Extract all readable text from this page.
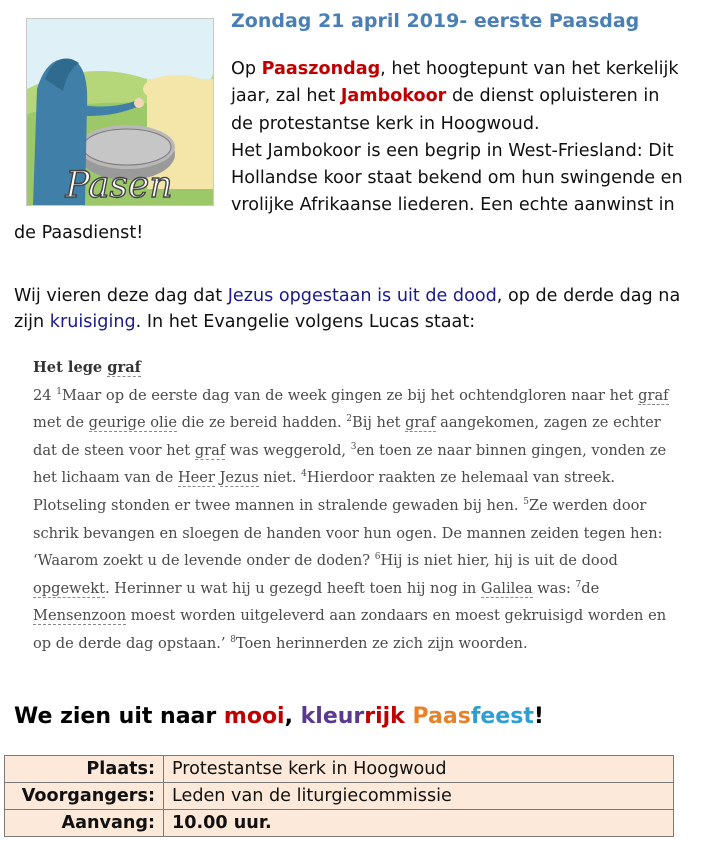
Pasen
Zondag 21 april 2019- eerste Paasdag
Op Paaszondag, het hoogtepunt van het kerkelijk jaar, zal het Jambokoor de dienst opluisteren in de protestantse kerk in Hoogwoud.
Het Jambokoor is een begrip in West-Friesland: Dit Hollandse koor staat bekend om hun swingende en vrolijke Afrikaanse liederen. Een echte aanwinst in de Paasdienst!
Wij vieren deze dag dat Jezus opgestaan is uit de dood, op de derde dag na zijn kruisiging. In het Evangelie volgens Lucas staat:
Het lege graf
24 $^1$Maar op de eerste dag van de week gingen ze bij het ochtendgloren naar het graf met de geurige olie die ze bereid hadden. $^2$Bij het graf aangekomen, zagen ze echter dat de steen voor het graf was weggerold, $^3$en toen ze naar binnen gingen, vonden ze het lichaam van de Heer Jezus niet. $^4$Hierdoor raakten ze helemaal van streek. Plotseling stonden er twee mannen in stralende gewaden bij hen. $^5$Ze werden door schrik bevangen en sloegen de handen voor hun ogen. De mannen zeiden tegen hen: ‘Waarom zoekt u de levende onder de doden? $^6$Hij is niet hier, hij is uit de dood opgewekt. Herinner u wat hij u gezegd heeft toen hij nog in Galilea was: $^7$de Mensenzoon moest worden uitgeleverd aan zondaars en moest gekruisigd worden en op de derde dag opstaan.’ $^8$Toen herinnerden ze zich zijn woorden.
We zien uit naar mooi, kleurrijk Paasfeest!
Plaats:	Protestantse kerk in Hoogwoud
Voorgangers:	Leden van de liturgiecommissie
Aanvang:	10.00 uur.
